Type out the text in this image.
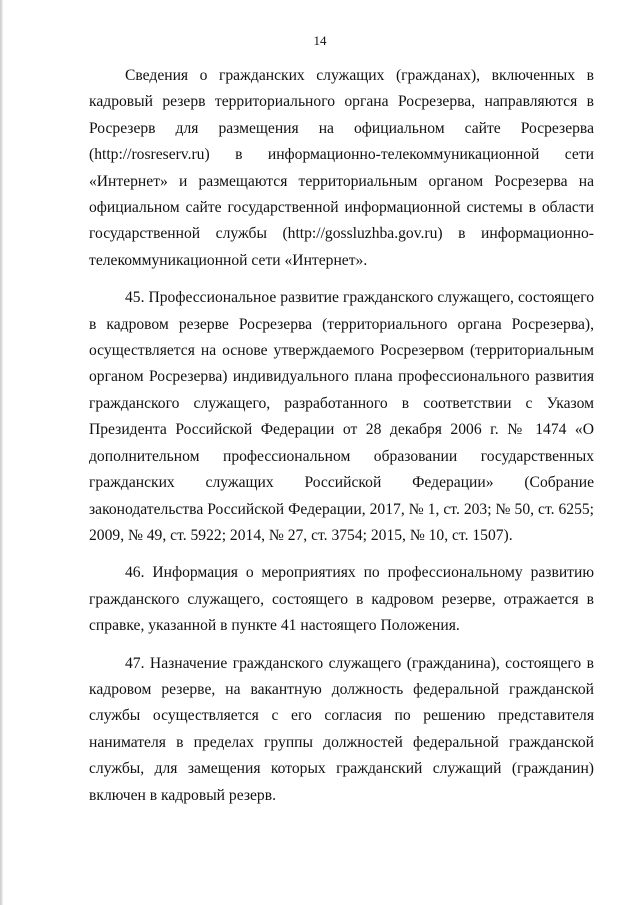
14

Сведения о гражданских служащих (гражданах), включенных в кадровый резерв территориального органа Росрезерва, направляются в Росрезерв для размещения на официальном сайте Росрезерва (http://rosreserv.ru) в информационно-телекоммуникационной сети «Интернет» и размещаются территориальным органом Росрезерва на официальном сайте государственной информационной системы в области государственной службы (http://gossluzhba.gov.ru) в информационно-телекоммуникационной сети «Интернет».

45. Профессиональное развитие гражданского служащего, состоящего в кадровом резерве Росрезерва (территориального органа Росрезерва), осуществляется на основе утверждаемого Росрезервом (территориальным органом Росрезерва) индивидуального плана профессионального развития гражданского служащего, разработанного в соответствии с Указом Президента Российской Федерации от 28 декабря 2006 г. № 1474 «О дополнительном профессиональном образовании государственных гражданских служащих Российской Федерации» (Собрание законодательства Российской Федерации, 2017, № 1, ст. 203; № 50, ст. 6255; 2009, № 49, ст. 5922; 2014, № 27, ст. 3754; 2015, № 10, ст. 1507).

46. Информация о мероприятиях по профессиональному развитию гражданского служащего, состоящего в кадровом резерве, отражается в справке, указанной в пункте 41 настоящего Положения.

47. Назначение гражданского служащего (гражданина), состоящего в кадровом резерве, на вакантную должность федеральной гражданской службы осуществляется с его согласия по решению представителя нанимателя в пределах группы должностей федеральной гражданской службы, для замещения которых гражданский служащий (гражданин) включен в кадровый резерв.
